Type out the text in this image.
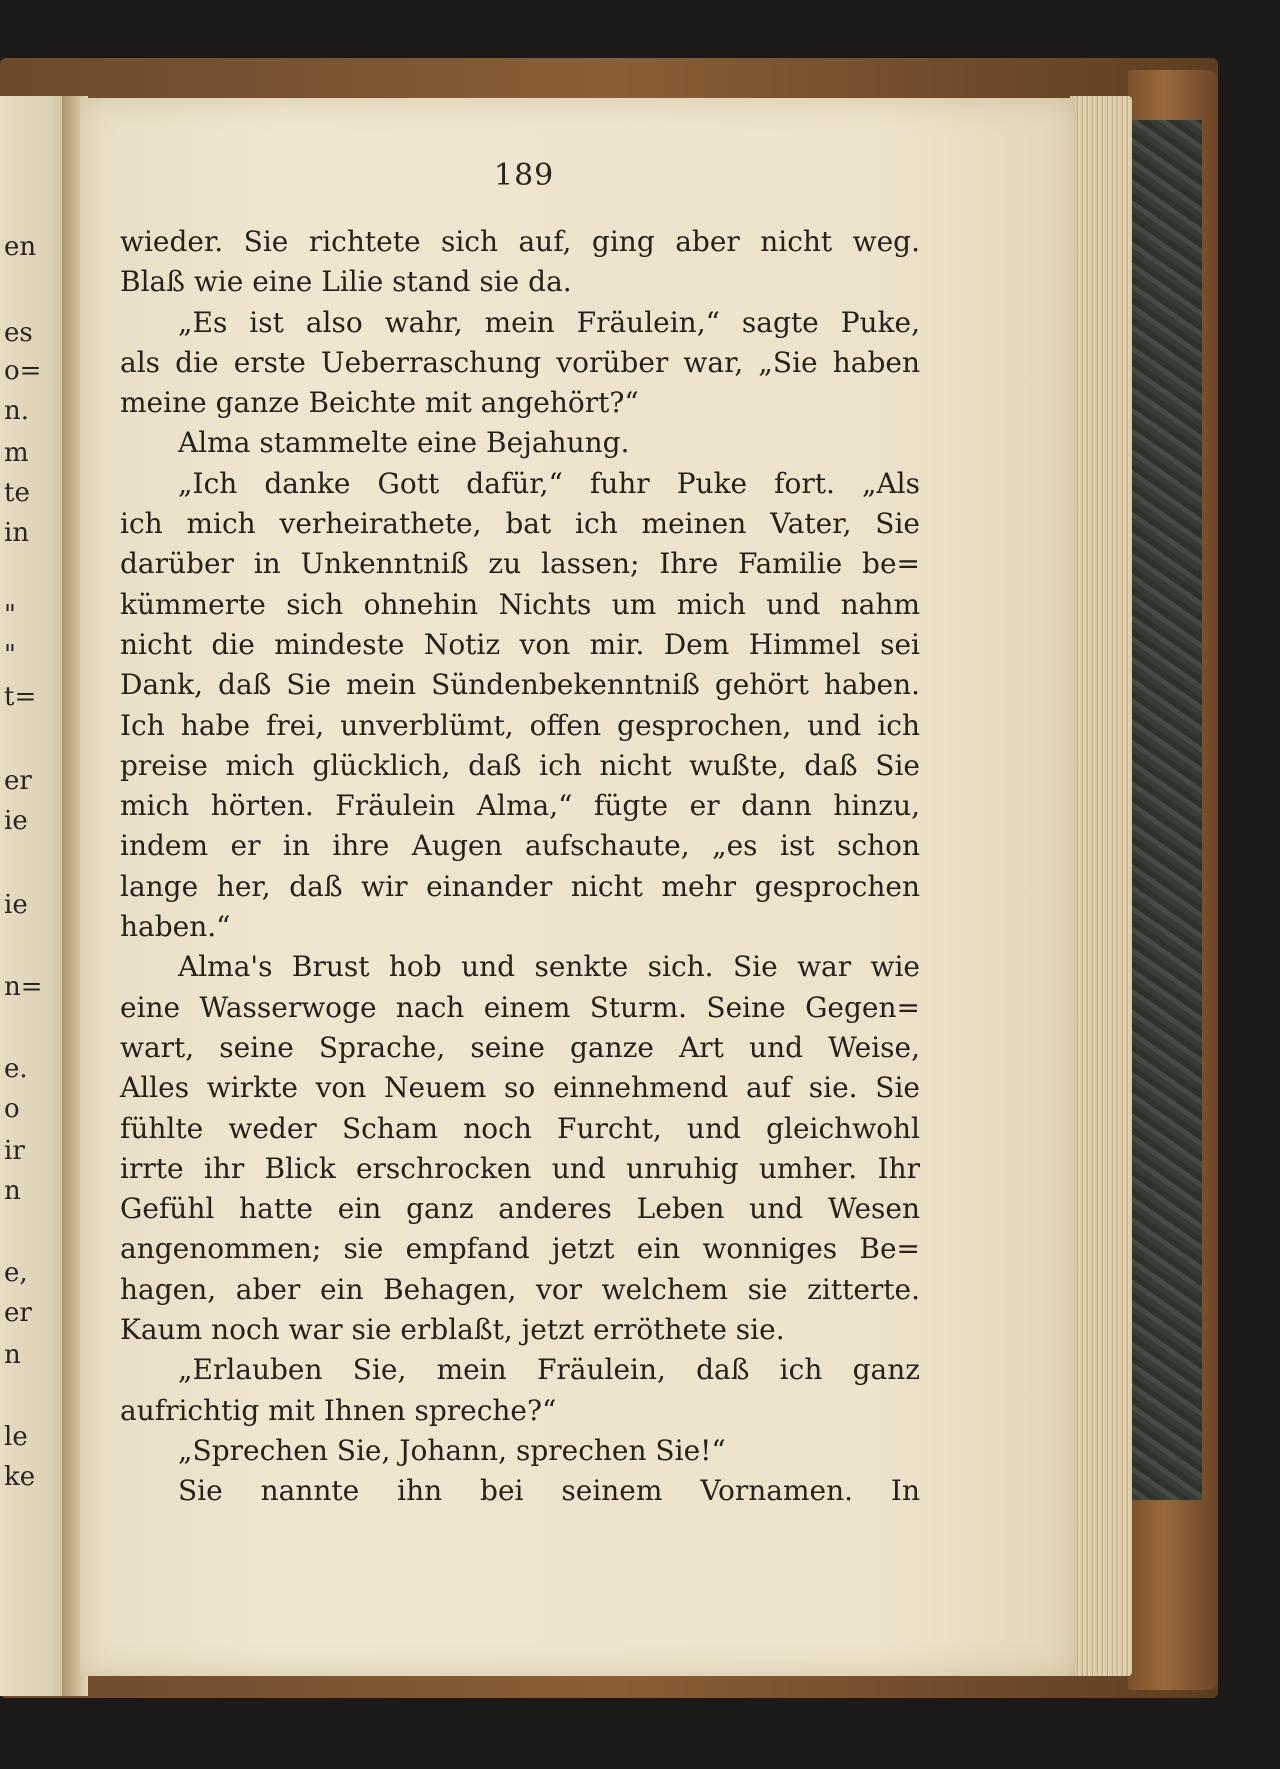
en
es
o=
n.
m
te
in
"
"
t=
er
ie
ie
n=
e.
o
ir
n
e,
er
n
le
ke
189
wieder. Sie richtete sich auf, ging aber nicht weg.
Blaß wie eine Lilie stand sie da.
„Es ist also wahr, mein Fräulein,“ sagte Puke,
als die erste Ueberraschung vorüber war, „Sie haben
meine ganze Beichte mit angehört?“
Alma stammelte eine Bejahung.
„Ich danke Gott dafür,“ fuhr Puke fort. „Als
ich mich verheirathete, bat ich meinen Vater, Sie
darüber in Unkenntniß zu lassen; Ihre Familie be=
kümmerte sich ohnehin Nichts um mich und nahm
nicht die mindeste Notiz von mir. Dem Himmel sei
Dank, daß Sie mein Sündenbekenntniß gehört haben.
Ich habe frei, unverblümt, offen gesprochen, und ich
preise mich glücklich, daß ich nicht wußte, daß Sie
mich hörten. Fräulein Alma,“ fügte er dann hinzu,
indem er in ihre Augen aufschaute, „es ist schon
lange her, daß wir einander nicht mehr gesprochen
haben.“
Alma's Brust hob und senkte sich. Sie war wie
eine Wasserwoge nach einem Sturm. Seine Gegen=
wart, seine Sprache, seine ganze Art und Weise,
Alles wirkte von Neuem so einnehmend auf sie. Sie
fühlte weder Scham noch Furcht, und gleichwohl
irrte ihr Blick erschrocken und unruhig umher. Ihr
Gefühl hatte ein ganz anderes Leben und Wesen
angenommen; sie empfand jetzt ein wonniges Be=
hagen, aber ein Behagen, vor welchem sie zitterte.
Kaum noch war sie erblaßt, jetzt erröthete sie.
„Erlauben Sie, mein Fräulein, daß ich ganz
aufrichtig mit Ihnen spreche?“
„Sprechen Sie, Johann, sprechen Sie!“
Sie nannte ihn bei seinem Vornamen. In
